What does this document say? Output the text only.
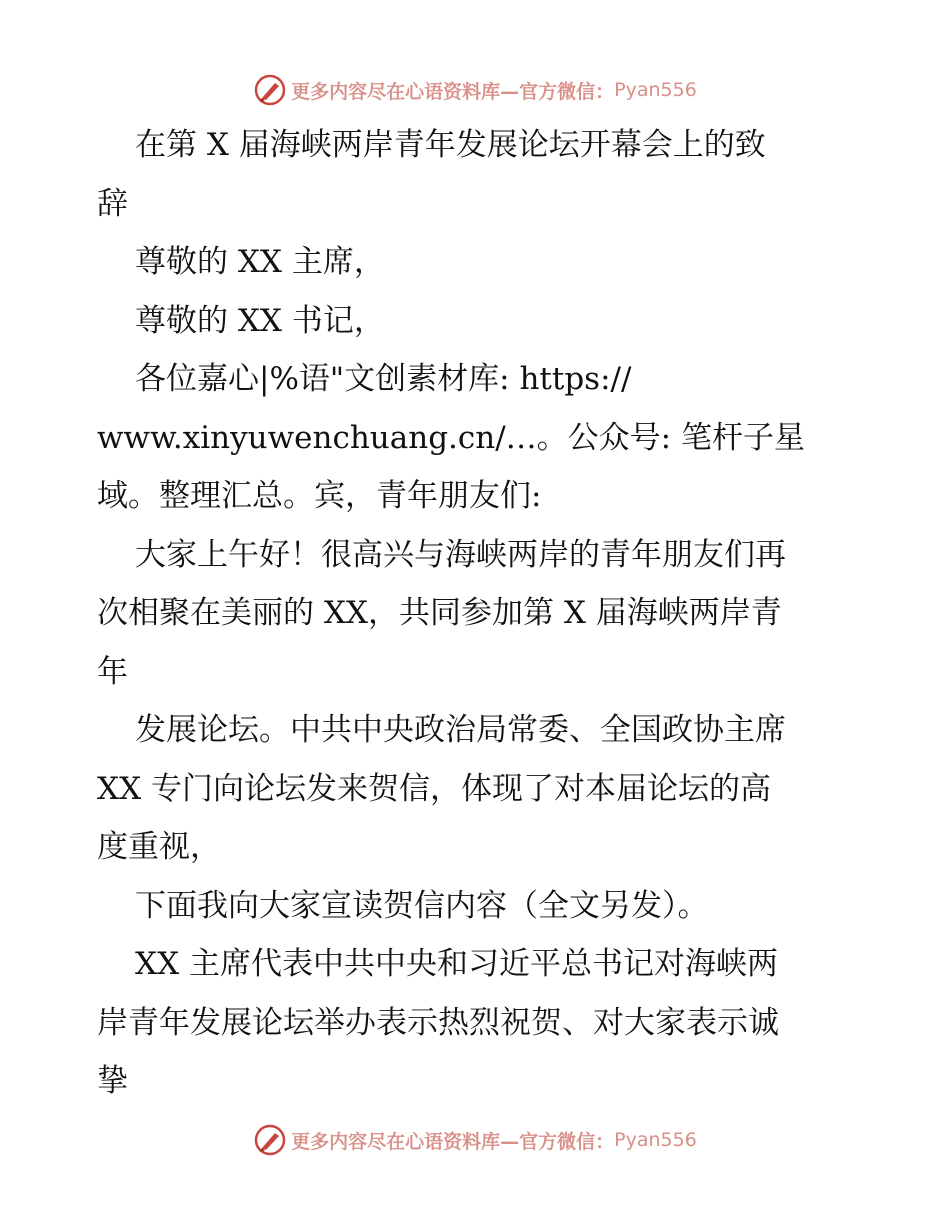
更多内容尽在心语资料库—官方微信： Pyan556
在第 X 届海峡两岸青年发展论坛开幕会上的致
辞
尊敬的 XX 主席，
尊敬的 XX 书记，
各位嘉心|%语"文创素材库: https://
www.xinyuwenchuang.cn/…。公众号: 笔杆子星
域。整理汇总。宾，青年朋友们:
大家上午好！很高兴与海峡两岸的青年朋友们再
次相聚在美丽的 XX，共同参加第 X 届海峡两岸青
年
发展论坛。中共中央政治局常委、全国政协主席
XX 专门向论坛发来贺信，体现了对本届论坛的高
度重视，
下面我向大家宣读贺信内容（全文另发）。
XX 主席代表中共中央和习近平总书记对海峡两
岸青年发展论坛举办表示热烈祝贺、对大家表示诚
挚
更多内容尽在心语资料库—官方微信： Pyan556
